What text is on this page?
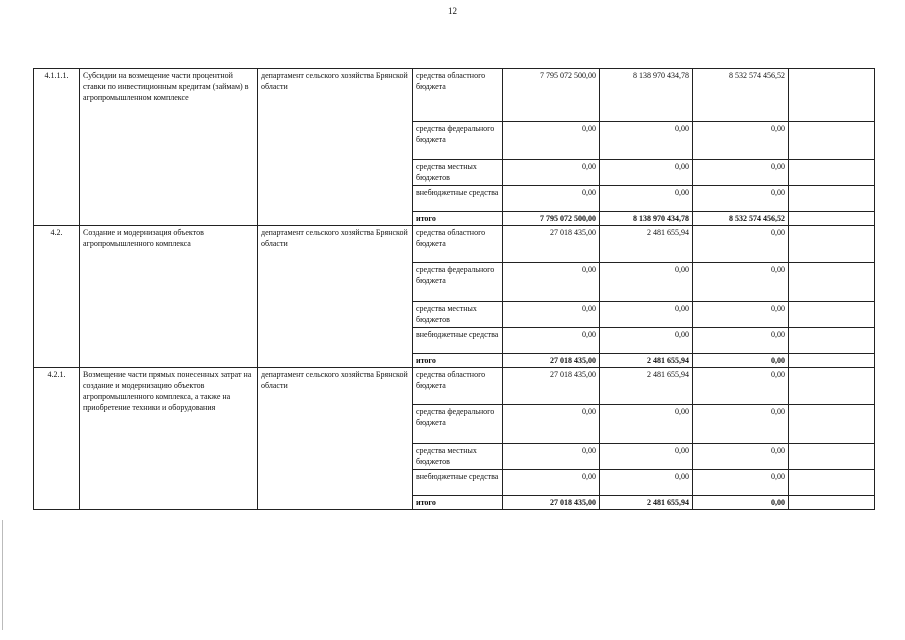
12
4.1.1.1.	Субсидии на возмещение части процентной ставки по инвестиционным кредитам (займам) в агропромышленном комплексе	департамент сельского хозяйства Брянской области	средства областного бюджета	7 795 072 500,00	8 138 970 434,78	8 532 574 456,52	
			средства федерального бюджета	0,00	0,00	0,00	
			средства местных бюджетов	0,00	0,00	0,00	
			внебюджетные средства	0,00	0,00	0,00	
			итого	7 795 072 500,00	8 138 970 434,78	8 532 574 456,52	
4.2.	Создание и модернизация объектов агропромышленного комплекса	департамент сельского хозяйства Брянской области	средства областного бюджета	27 018 435,00	2 481 655,94	0,00	
			средства федерального бюджета	0,00	0,00	0,00	
			средства местных бюджетов	0,00	0,00	0,00	
			внебюджетные средства	0,00	0,00	0,00	
			итого	27 018 435,00	2 481 655,94	0,00	
4.2.1.	Возмещение части прямых понесенных затрат на создание и модернизацию объектов агропромышленного комплекса, а также на приобретение техники и оборудования	департамент сельского хозяйства Брянской области	средства областного бюджета	27 018 435,00	2 481 655,94	0,00	
			средства федерального бюджета	0,00	0,00	0,00	
			средства местных бюджетов	0,00	0,00	0,00	
			внебюджетные средства	0,00	0,00	0,00	
			итого	27 018 435,00	2 481 655,94	0,00	
